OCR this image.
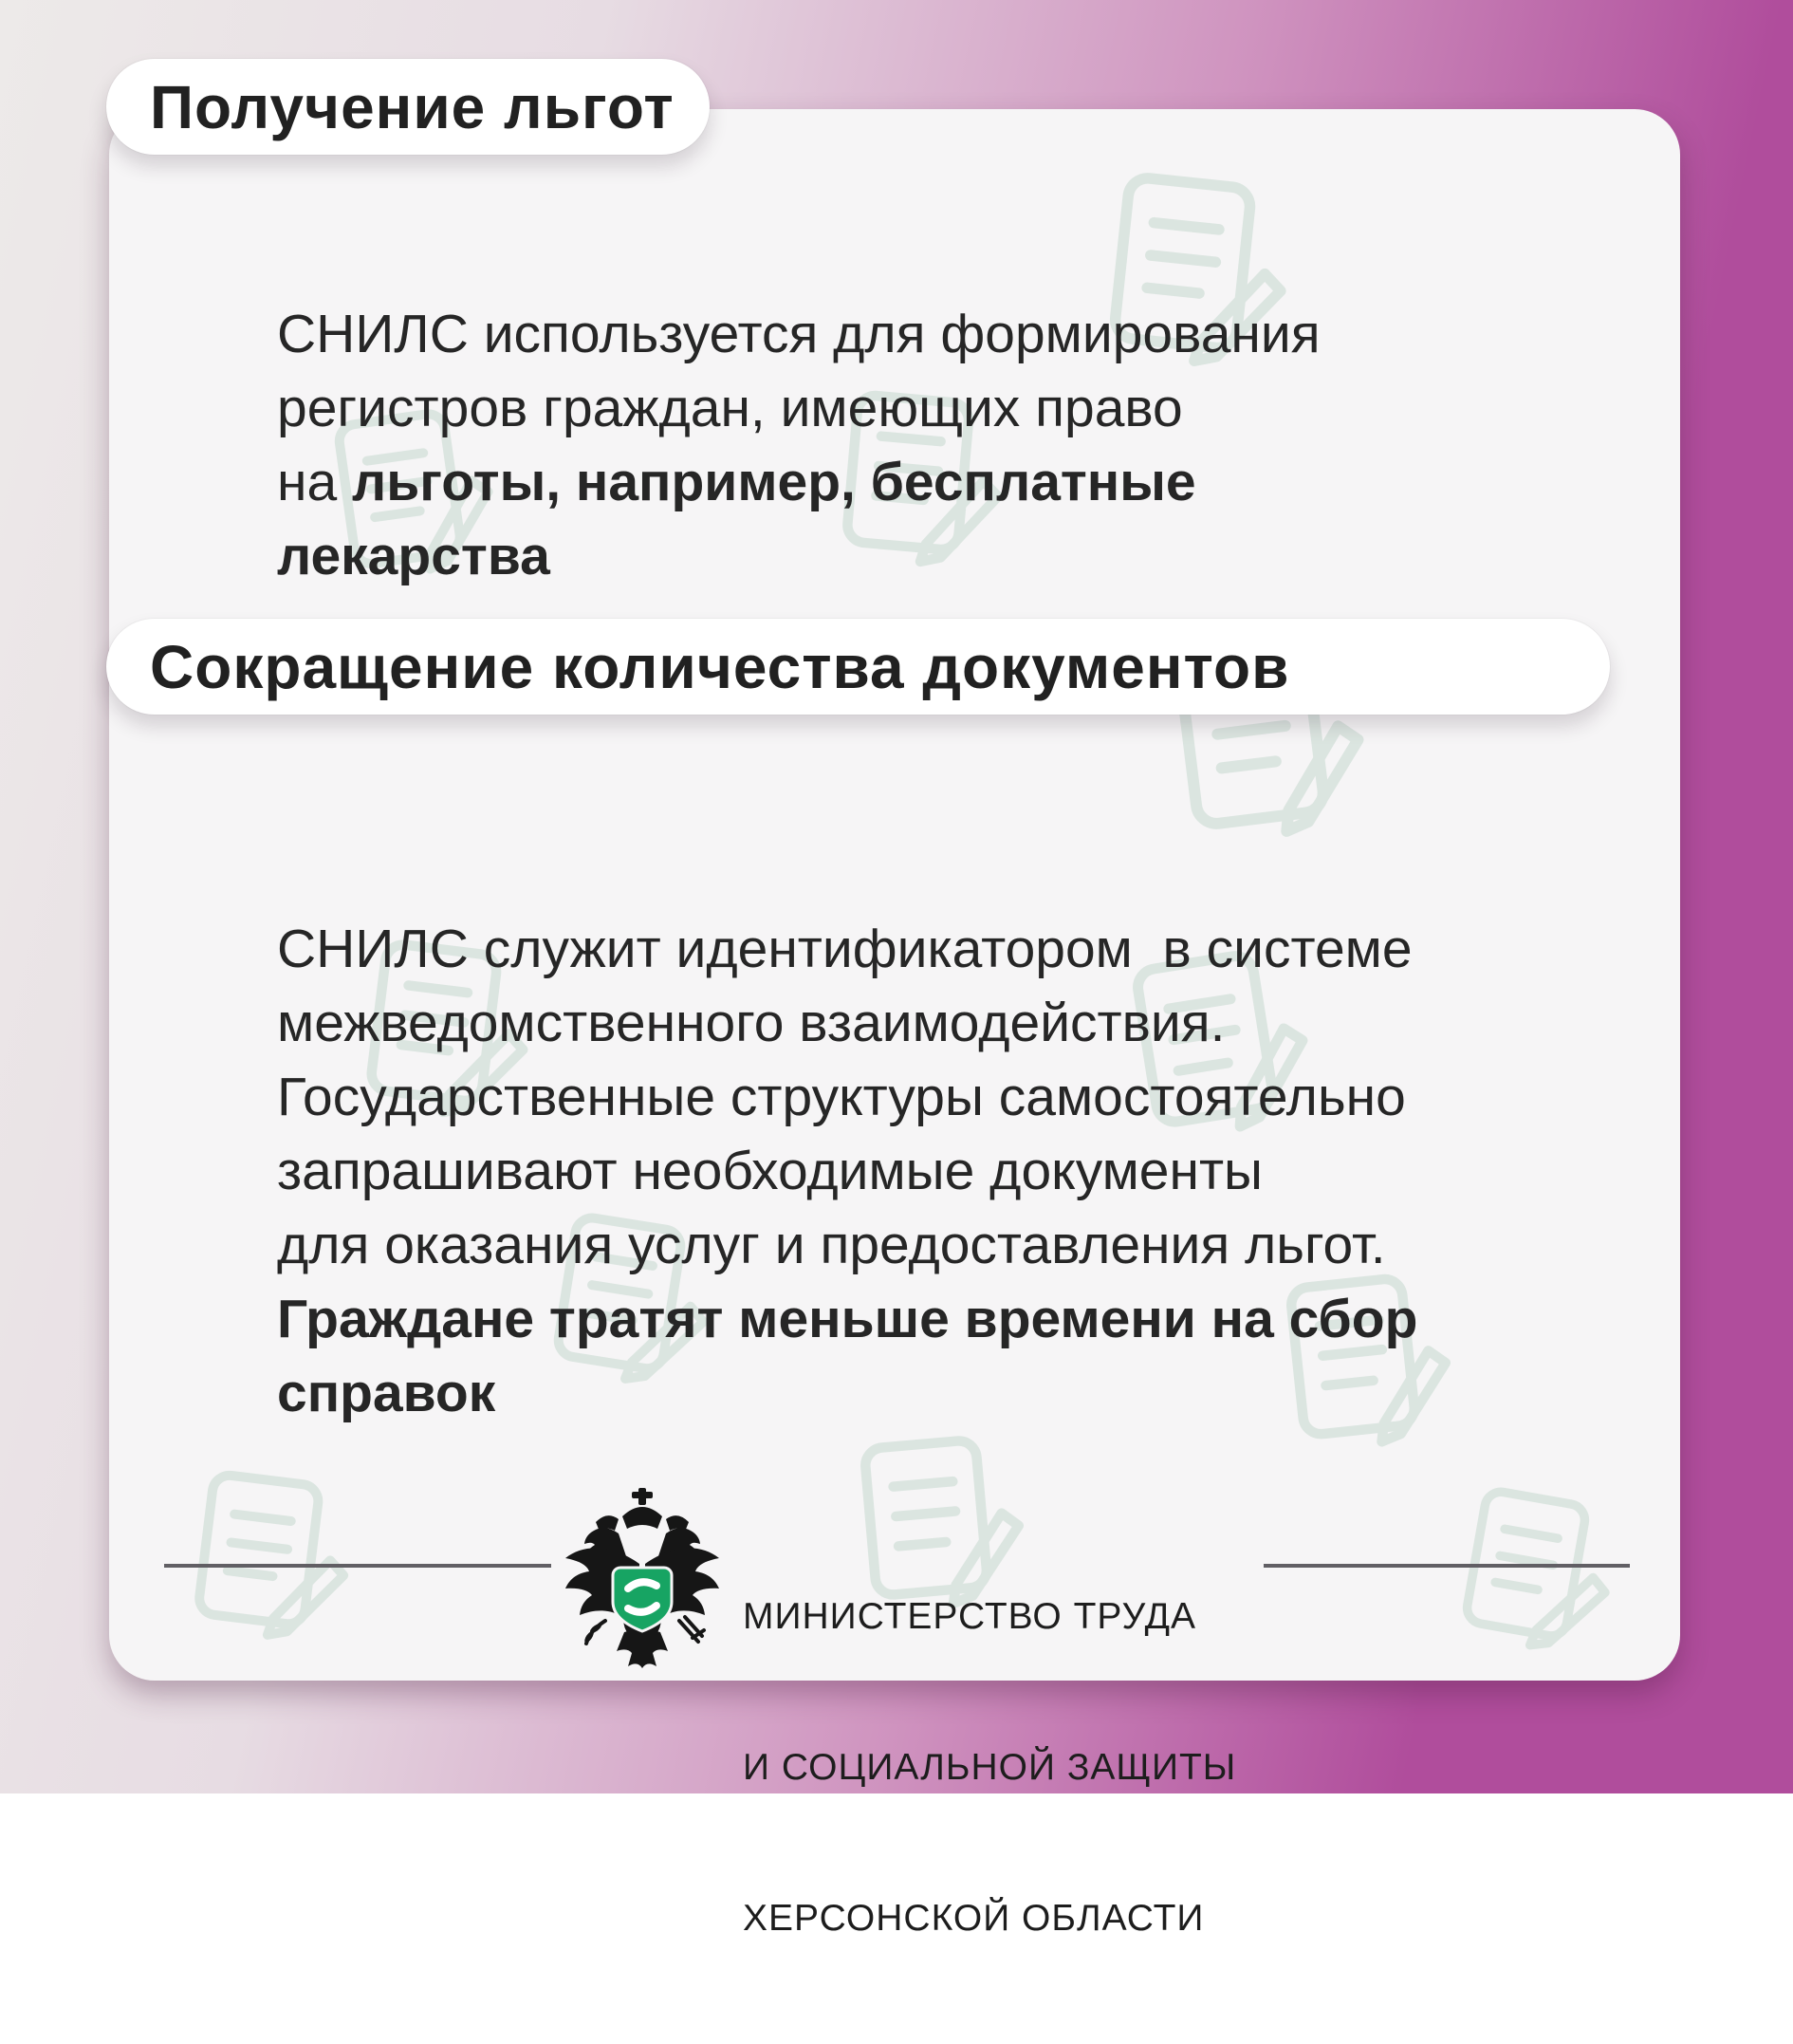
СНИЛС используется для формирования
регистров граждан, имеющих право
на льготы, например, бесплатные
лекарства
СНИЛС служит идентификатором  в системе
межведомственного взаимодействия.
Государственные структуры самостоятельно
запрашивают необходимые документы
для оказания услуг и предоставления льгот.
Граждане тратят меньше времени на сбор
справок
Получение льгот
Сокращение количества документов

МИНИСТЕРСТВО ТРУДА

И СОЦИАЛЬНОЙ ЗАЩИТЫ

ХЕРСОНСКОЙ ОБЛАСТИ
